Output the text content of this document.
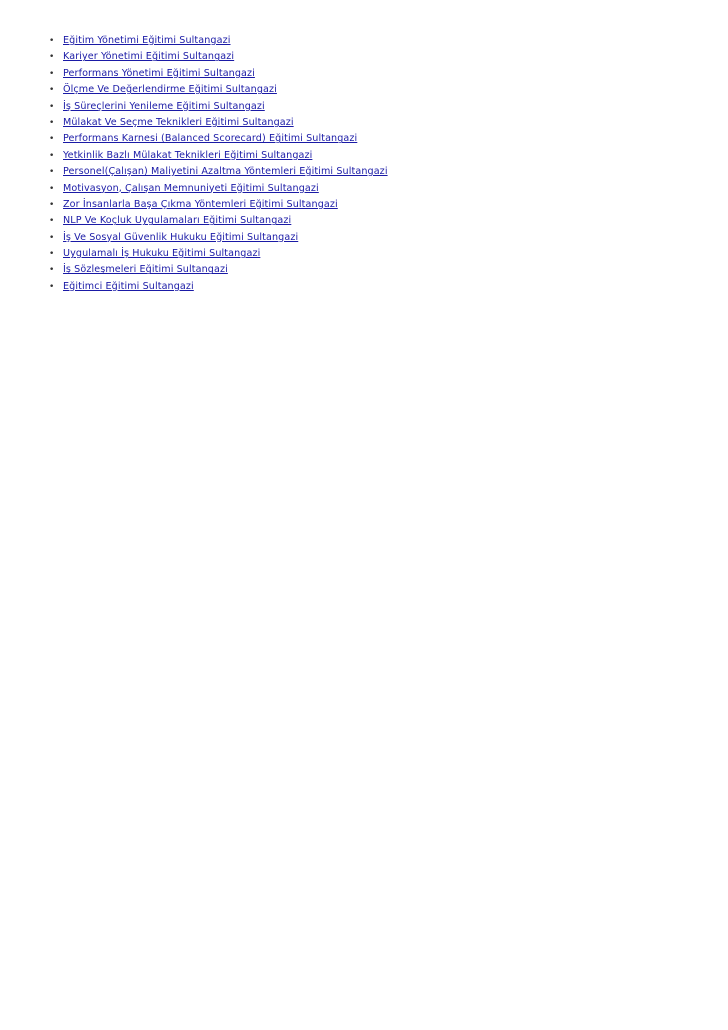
• Eğitim Yönetimi Eğitimi Sultangazi
• Kariyer Yönetimi Eğitimi Sultangazi
• Performans Yönetimi Eğitimi Sultangazi
• Ölçme Ve Değerlendirme Eğitimi Sultangazi
• İş Süreçlerini Yenileme Eğitimi Sultangazi
• Mülakat Ve Seçme Teknikleri Eğitimi Sultangazi
• Performans Karnesi (Balanced Scorecard) Eğitimi Sultangazi
• Yetkinlik Bazlı Mülakat Teknikleri Eğitimi Sultangazi
• Personel(Çalışan) Maliyetini Azaltma Yöntemleri Eğitimi Sultangazi
• Motivasyon, Çalışan Memnuniyeti Eğitimi Sultangazi
• Zor İnsanlarla Başa Çıkma Yöntemleri Eğitimi Sultangazi
• NLP Ve Koçluk Uygulamaları Eğitimi Sultangazi
• İş Ve Sosyal Güvenlik Hukuku Eğitimi Sultangazi
• Uygulamalı İş Hukuku Eğitimi Sultangazi
• İş Sözleşmeleri Eğitimi Sultangazi
• Eğitimci Eğitimi Sultangazi
